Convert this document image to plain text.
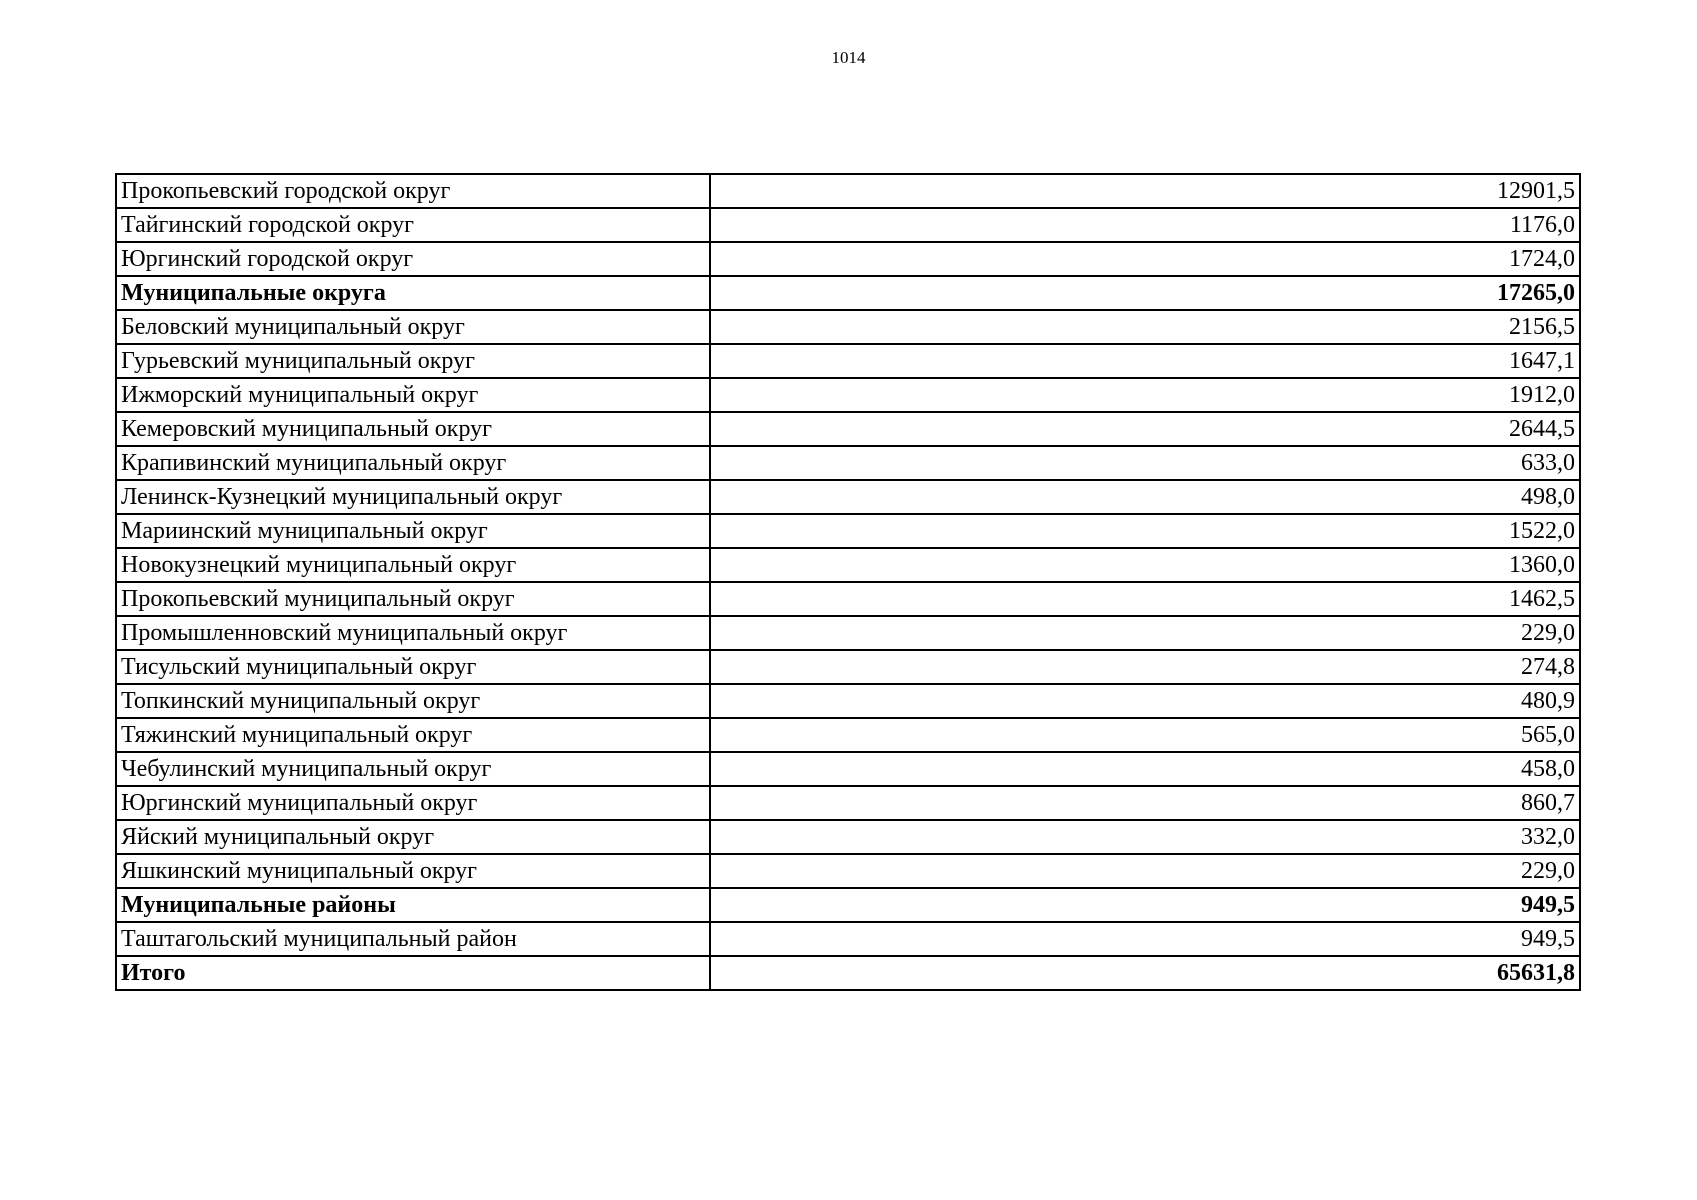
1014
Прокопьевский городской округ	12901,5
Тайгинский городской округ	1176,0
Юргинский городской округ	1724,0
Муниципальные округа	17265,0
Беловский муниципальный округ	2156,5
Гурьевский муниципальный округ	1647,1
Ижморский муниципальный округ	1912,0
Кемеровский муниципальный округ	2644,5
Крапивинский муниципальный округ	633,0
Ленинск-Кузнецкий муниципальный округ	498,0
Мариинский муниципальный округ	1522,0
Новокузнецкий муниципальный округ	1360,0
Прокопьевский муниципальный округ	1462,5
Промышленновский муниципальный округ	229,0
Тисульский муниципальный округ	274,8
Топкинский муниципальный округ	480,9
Тяжинский муниципальный округ	565,0
Чебулинский муниципальный округ	458,0
Юргинский муниципальный округ	860,7
Яйский муниципальный округ	332,0
Яшкинский муниципальный округ	229,0
Муниципальные районы	949,5
Таштагольский муниципальный район	949,5
Итого	65631,8
